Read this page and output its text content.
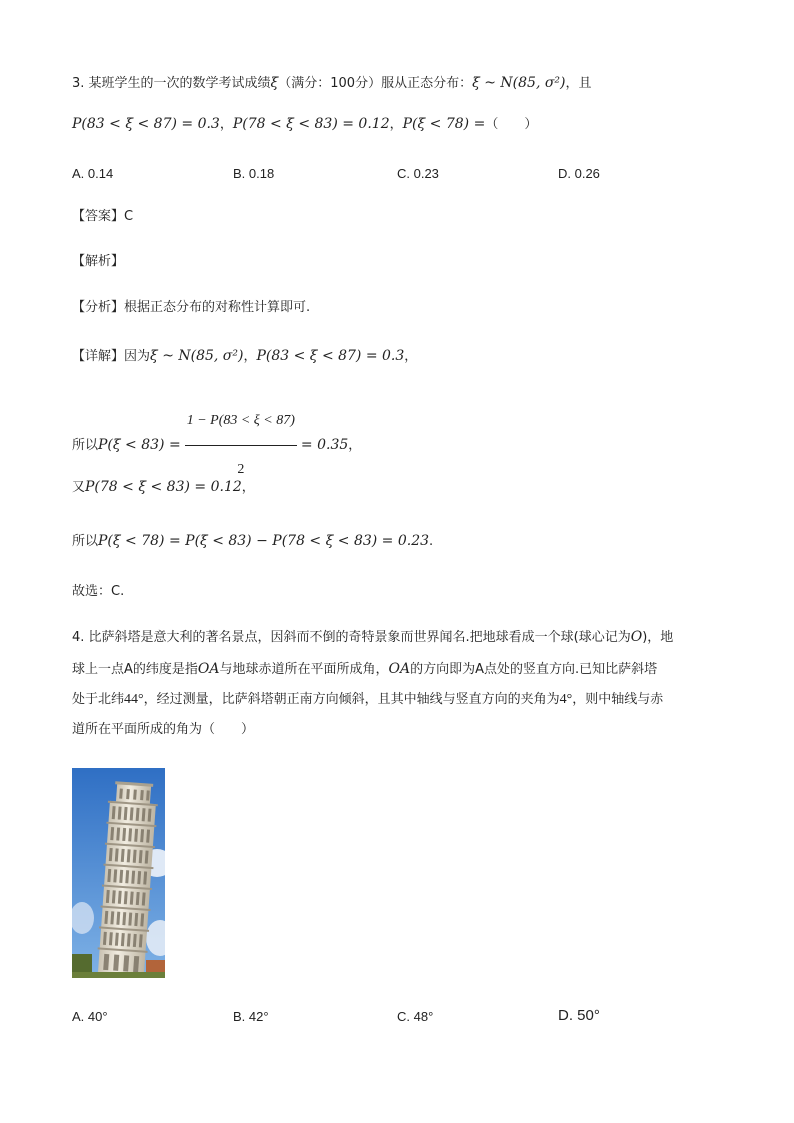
3. 某班学生的一次的数学考试成绩ξ（满分：100分）服从正态分布：ξ ~ N(85, σ²)，且
P(83 < ξ < 87) = 0.3，P(78 < ξ < 83) = 0.12，P(ξ < 78) =（　　）
A. 0.14	B. 0.18	C. 0.23	D. 0.26
【答案】C
【解析】
【分析】根据正态分布的对称性计算即可.
【详解】因为ξ ~ N(85, σ²)，P(83 < ξ < 87) = 0.3，
所以$P(\xi < 83) = \frac{1 - P(83 < \xi < 87)}{2} = 0.35$，
又P(78 < ξ < 83) = 0.12，
所以P(ξ < 78) = P(ξ < 83) − P(78 < ξ < 83) = 0.23.
故选：C.
4. 比萨斜塔是意大利的著名景点，因斜而不倒的奇特景象而世界闻名.把地球看成一个球(球心记为O)，地
球上一点A的纬度是指OA与地球赤道所在平面所成角，OA的方向即为A点处的竖直方向.已知比萨斜塔
处于北纬44°，经过测量，比萨斜塔朝正南方向倾斜，且其中轴线与竖直方向的夹角为4°，则中轴线与赤
道所在平面所成的角为（　　）
A. 40°	B. 42°	C. 48°	D. 50°
